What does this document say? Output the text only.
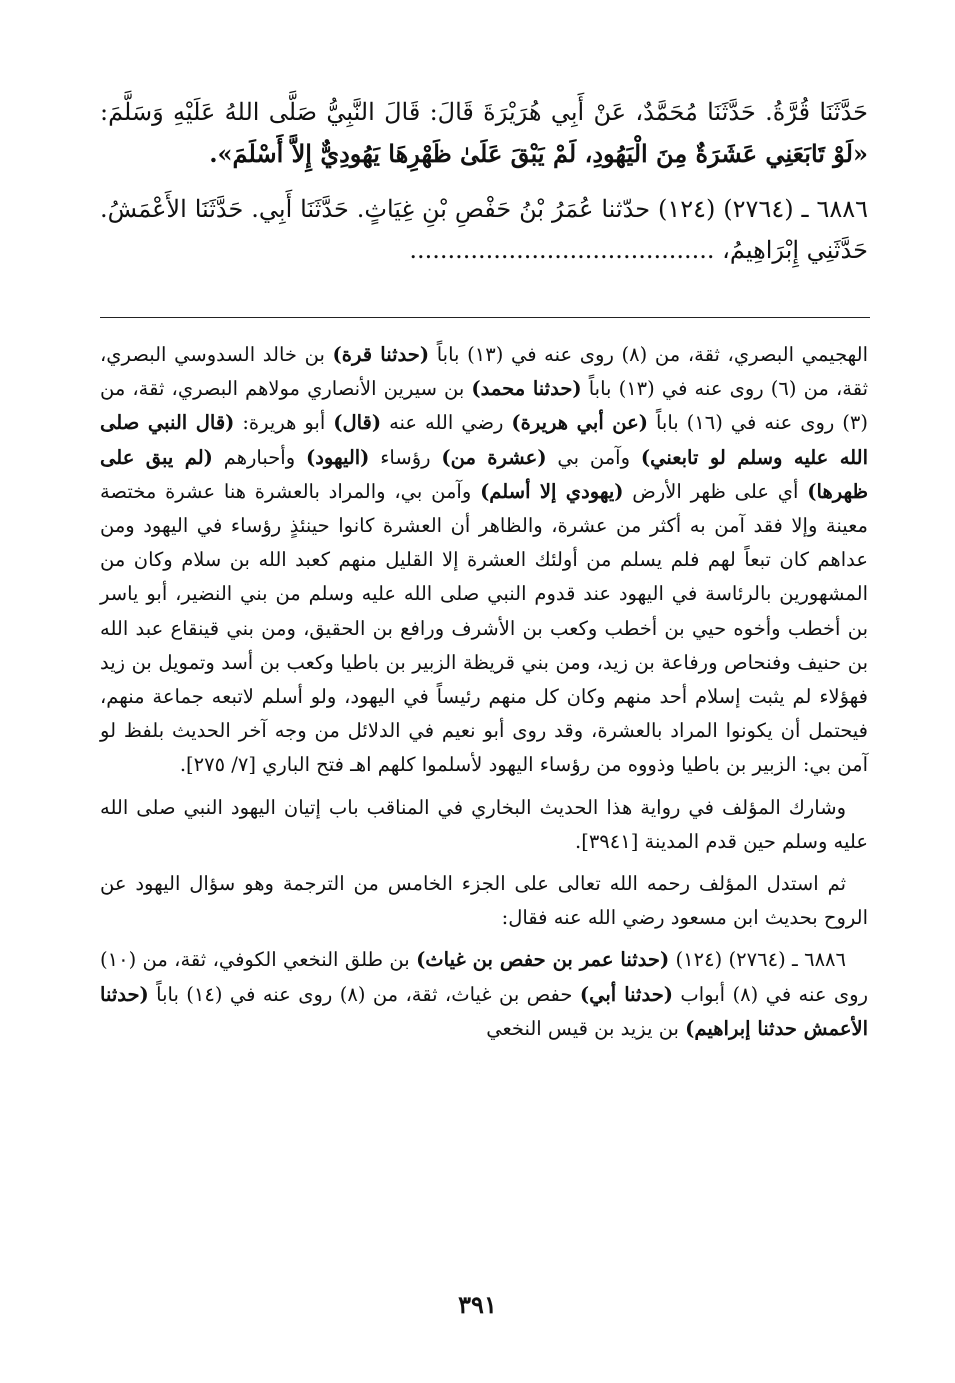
حَدَّثَنَا قُرَّةُ. حَدَّثَنَا مُحَمَّدٌ، عَنْ أَبِي هُرَيْرَةَ قَالَ: قَالَ النَّبِيُّ صَلَّى اللهُ عَلَيْهِ وَسَلَّمَ: «لَوْ تَابَعَنِي عَشَرَةٌ مِنَ الْيَهُودِ، لَمْ يَبْقَ عَلَىٰ ظَهْرِهَا يَهُودِيٌّ إِلاَّ أَسْلَمَ».

٦٨٨٦ ـ (٢٧٦٤) (١٢٤) حدّثنا عُمَرُ بْنُ حَفْصِ بْنِ غِيَاثٍ. حَدَّثَنَا أَبِي. حَدَّثَنَا الأَعْمَشُ. حَدَّثَنِي إِبْرَاهِيمُ، ........................................

الهجيمي البصري، ثقة، من (٨) روى عنه في (١٣) باباً (حدثنا قرة) بن خالد السدوسي البصري، ثقة، من (٦) روى عنه في (١٣) باباً (حدثنا محمد) بن سيرين الأنصاري مولاهم البصري، ثقة، من (٣) روى عنه في (١٦) باباً (عن أبي هريرة) رضي الله عنه (قال) أبو هريرة: (قال النبي صلى الله عليه وسلم لو تابعني) وآمن بي (عشرة من) رؤساء (اليهود) وأحبارهم (لم يبق على ظهرها) أي على ظهر الأرض (يهودي إلا أسلم) وآمن بي، والمراد بالعشرة هنا عشرة مختصة معينة وإلا فقد آمن به أكثر من عشرة، والظاهر أن العشرة كانوا حينئذٍ رؤساء في اليهود ومن عداهم كان تبعاً لهم فلم يسلم من أولئك العشرة إلا القليل منهم كعبد الله بن سلام وكان من المشهورين بالرئاسة في اليهود عند قدوم النبي صلى الله عليه وسلم من بني النضير، أبو ياسر بن أخطب وأخوه حيي بن أخطب وكعب بن الأشرف ورافع بن الحقيق، ومن بني قينقاع عبد الله بن حنيف وفنحاص ورفاعة بن زيد، ومن بني قريظة الزبير بن باطيا وكعب بن أسد وتمويل بن زيد فهؤلاء لم يثبت إسلام أحد منهم وكان كل منهم رئيساً في اليهود، ولو أسلم لاتبعه جماعة منهم، فيحتمل أن يكونوا المراد بالعشرة، وقد روى أبو نعيم في الدلائل من وجه آخر الحديث بلفظ لو آمن بي: الزبير بن باطيا وذووه من رؤساء اليهود لأسلموا كلهم اهـ فتح الباري [٧/ ٢٧٥].

وشارك المؤلف في رواية هذا الحديث البخاري في المناقب باب إتيان اليهود النبي صلى الله عليه وسلم حين قدم المدينة [٣٩٤١].

ثم استدل المؤلف رحمه الله تعالى على الجزء الخامس من الترجمة وهو سؤال اليهود عن الروح بحديث ابن مسعود رضي الله عنه فقال:

٦٨٨٦ ـ (٢٧٦٤) (١٢٤) (حدثنا عمر بن حفص بن غياث) بن طلق النخعي الكوفي، ثقة، من (١٠) روى عنه في (٨) أبواب (حدثنا أبي) حفص بن غياث، ثقة، من (٨) روى عنه في (١٤) باباً (حدثنا الأعمش حدثنا إبراهيم) بن يزيد بن قيس النخعي

٣٩١
